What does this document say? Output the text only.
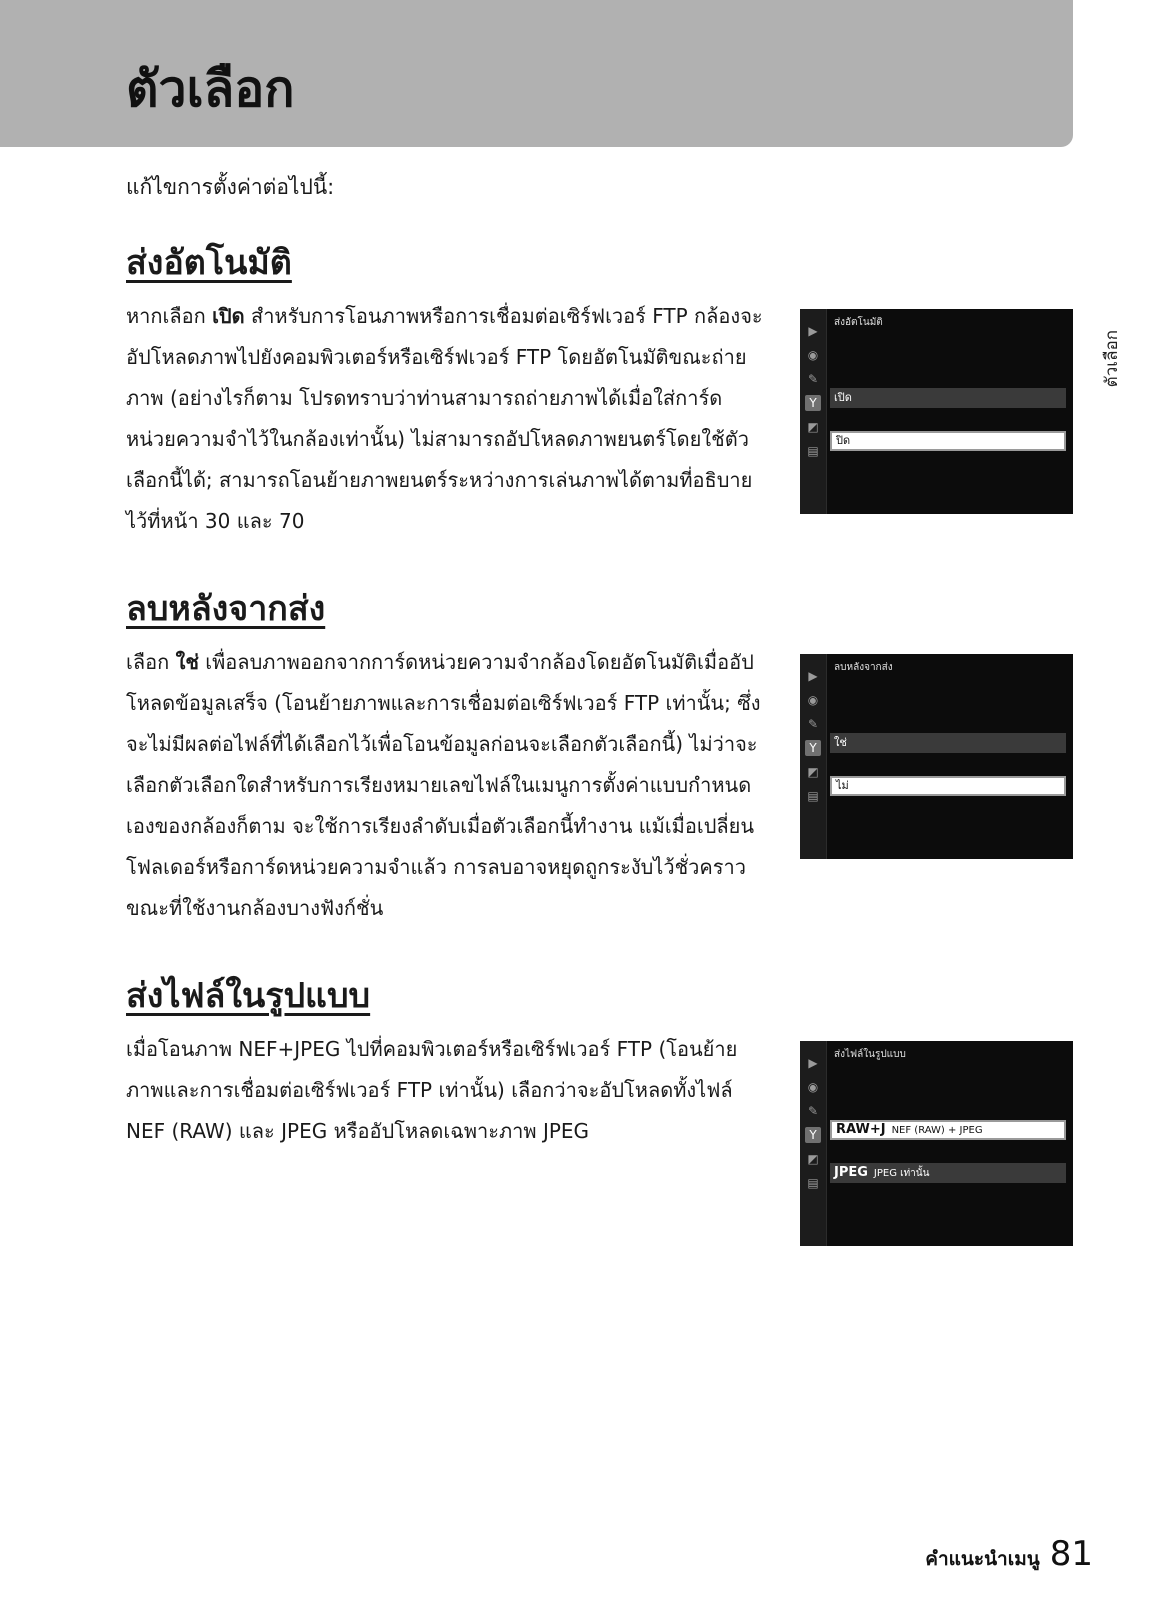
ตัวเลือก

แก้ไขการตั้งค่าต่อไปนี้:

ส่งอัตโนมัติ

หากเลือก เปิด สำหรับการโอนภาพหรือการเชื่อมต่อเซิร์ฟเวอร์ FTP กล้องจะอัปโหลดภาพไปยังคอมพิวเตอร์หรือเซิร์ฟเวอร์ FTP โดยอัตโนมัติขณะถ่ายภาพ (อย่างไรก็ตาม โปรดทราบว่าท่านสามารถถ่ายภาพได้เมื่อใส่การ์ดหน่วยความจำไว้ในกล้องเท่านั้น) ไม่สามารถอัปโหลดภาพยนตร์โดยใช้ตัวเลือกนี้ได้; สามารถโอนย้ายภาพยนตร์ระหว่างการเล่นภาพได้ตามที่อธิบายไว้ที่หน้า 30 และ 70

▶
◉
✎
Y
◩
▤
ส่งอัตโนมัติ
เปิด
ปิด
ลบหลังจากส่ง

เลือก ใช่ เพื่อลบภาพออกจากการ์ดหน่วยความจำกล้องโดยอัตโนมัติเมื่ออัปโหลดข้อมูลเสร็จ (โอนย้ายภาพและการเชื่อมต่อเซิร์ฟเวอร์ FTP เท่านั้น; ซึ่งจะไม่มีผลต่อไฟล์ที่ได้เลือกไว้เพื่อโอนข้อมูลก่อนจะเลือกตัวเลือกนี้) ไม่ว่าจะเลือกตัวเลือกใดสำหรับการเรียงหมายเลขไฟล์ในเมนูการตั้งค่าแบบกำหนดเองของกล้องก็ตาม จะใช้การเรียงลำดับเมื่อตัวเลือกนี้ทำงาน แม้เมื่อเปลี่ยนโฟลเดอร์หรือการ์ดหน่วยความจำแล้ว การลบอาจหยุดถูกระงับไว้ชั่วคราวขณะที่ใช้งานกล้องบางฟังก์ชั่น

▶
◉
✎
Y
◩
▤
ลบหลังจากส่ง
ใช่
ไม่
ส่งไฟล์ในรูปแบบ

เมื่อโอนภาพ NEF+JPEG ไปที่คอมพิวเตอร์หรือเซิร์ฟเวอร์ FTP (โอนย้ายภาพและการเชื่อมต่อเซิร์ฟเวอร์ FTP เท่านั้น) เลือกว่าจะอัปโหลดทั้งไฟล์ NEF (RAW) และ JPEG หรืออัปโหลดเฉพาะภาพ JPEG

▶
◉
✎
Y
◩
▤
ส่งไฟล์ในรูปแบบ
RAW+J NEF (RAW) + JPEG
JPEG JPEG เท่านั้น
ตัวเลือก
คำแนะนำเมนู 81
